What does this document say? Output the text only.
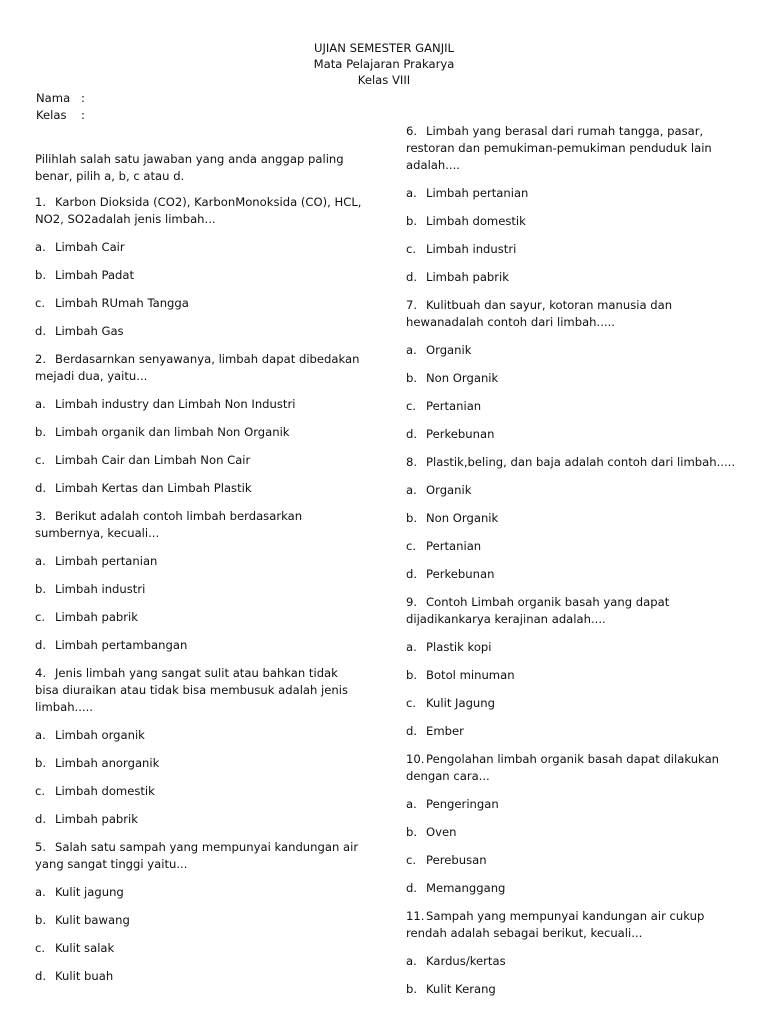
UJIAN SEMESTER GANJIL
Mata Pelajaran Prakarya
Kelas VIII
Nama :
Kelas	:
Pilihlah salah satu jawaban yang anda anggap paling benar, pilih a, b, c atau d.
1. Karbon Dioksida (CO2), KarbonMonoksida (CO), HCL, NO2, SO2adalah jenis limbah...
a. Limbah Cair
b. Limbah Padat
c. Limbah RUmah Tangga
d. Limbah Gas
2. Berdasarnkan senyawanya, limbah dapat dibedakan mejadi dua, yaitu...
a. Limbah industry dan Limbah Non Industri
b. Limbah organik dan limbah Non Organik
c. Limbah Cair dan Limbah Non Cair
d. Limbah Kertas dan Limbah Plastik
3. Berikut adalah contoh limbah berdasarkan sumbernya, kecuali...
a. Limbah pertanian
b. Limbah industri
c. Limbah pabrik
d. Limbah pertambangan
4. Jenis limbah yang sangat sulit atau bahkan tidak bisa diuraikan atau tidak bisa membusuk adalah jenis limbah.....
a. Limbah organik
b. Limbah anorganik
c. Limbah domestik
d. Limbah pabrik
5. Salah satu sampah yang mempunyai kandungan air yang sangat tinggi yaitu...
a. Kulit jagung
b. Kulit bawang
c. Kulit salak
d. Kulit buah
6. Limbah yang berasal dari rumah tangga, pasar, restoran dan pemukiman-pemukiman penduduk lain adalah....
a. Limbah pertanian
b. Limbah domestik
c. Limbah industri
d. Limbah pabrik
7. Kulitbuah dan sayur, kotoran manusia dan hewanadalah contoh dari limbah.....
a. Organik
b. Non Organik
c. Pertanian
d. Perkebunan
8. Plastik,beling, dan baja adalah contoh dari limbah.....
a. Organik
b. Non Organik
c. Pertanian
d. Perkebunan
9. Contoh Limbah organik basah yang dapat dijadikankarya kerajinan adalah....
a. Plastik kopi
b. Botol minuman
c. Kulit Jagung
d. Ember
10. Pengolahan limbah organik basah dapat dilakukan dengan cara...
a. Pengeringan
b. Oven
c. Perebusan
d. Memanggang
11. Sampah yang mempunyai kandungan air cukup rendah adalah sebagai berikut, kecuali...
a. Kardus/kertas
b. Kulit Kerang
